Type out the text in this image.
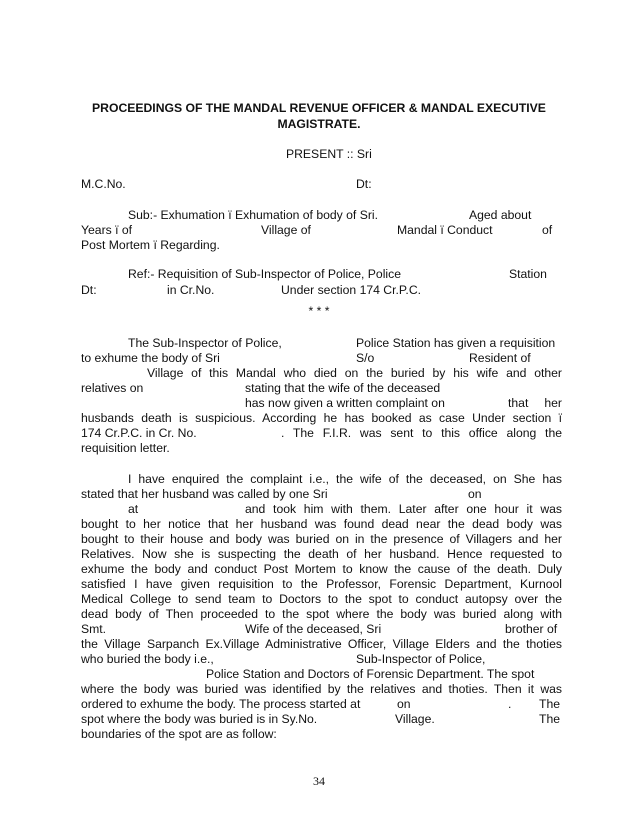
PROCEEDINGS OF THE MANDAL REVENUE OFFICER & MANDAL EXECUTIVE
MAGISTRATE.
PRESENT :: Sri
M.C.No.	Dt:
Sub:- Exhumation ï Exhumation of body of Sri.	Aged about
Years ï of	Village of	Mandal ï Conduct	of
Post Mortem ï Regarding.
Ref:- Requisition of Sub-Inspector of Police, Police	Station
Dt:	in Cr.No.	Under section 174 Cr.P.C.
* * *
The Sub-Inspector of Police,	Police Station has given a requisition
to exhume the body of Sri	S/o	Resident of
Village of this Mandal who died on the buried by his wife and other
relatives on	stating that the wife of the deceased
has now given a written complaint on	that her
husbands death is suspicious. According he has booked as case Under section ï
174 Cr.P.C. in Cr. No.	. The F.I.R. was sent to this office along the
requisition letter.
I have enquired the complaint i.e., the wife of the deceased, on She has
stated that her husband was called by one Sri	on
at	and took him with them. Later after one hour it was
bought to her notice that her husband was found dead near the dead body was
bought to their house and body was buried on in the presence of Villagers and her
Relatives. Now she is suspecting the death of her husband. Hence requested to
exhume the body and conduct Post Mortem to know the cause of the death. Duly
satisfied I have given requisition to the Professor, Forensic Department, Kurnool
Medical College to send team to Doctors to the spot to conduct autopsy over the
dead body of Then proceeded to the spot where the body was buried along with
Smt.	Wife of the deceased, Sri	brother of
the Village Sarpanch Ex.Village Administrative Officer, Village Elders and the thoties
who buried the body i.e.,	Sub-Inspector of Police,
Police Station and Doctors of Forensic Department. The spot
where the body was buried was identified by the relatives and thoties. Then it was
ordered to exhume the body. The process started at	on	. The
spot where the body was buried is in Sy.No.	Village.	The
boundaries of the spot are as follow:
34
